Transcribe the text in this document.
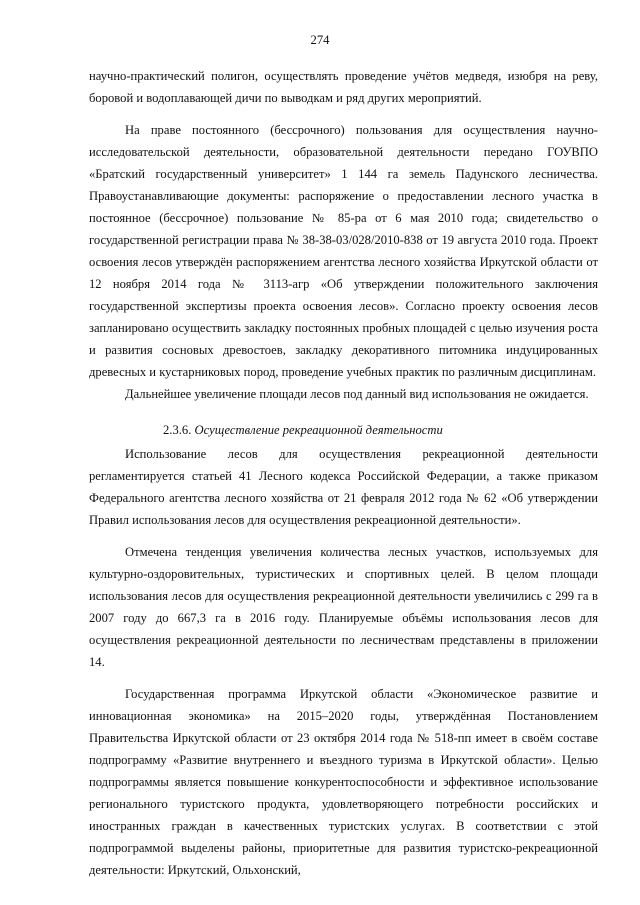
274

научно-практический полигон, осуществлять проведение учётов медведя, изюбря на реву, боровой и водоплавающей дичи по выводкам и ряд других мероприятий.

На праве постоянного (бессрочного) пользования для осуществления научно-исследовательской деятельности, образовательной деятельности передано ГОУВПО «Братский государственный университет» 1 144 га земель Падунского лесничества. Правоустанавливающие документы: распоряжение о предоставлении лесного участка в постоянное (бессрочное) пользование № 85-ра от 6 мая 2010 года; свидетельство о государственной регистрации права № 38-38-03/028/2010-838 от 19 августа 2010 года. Проект освоения лесов утверждён распоряжением агентства лесного хозяйства Иркутской области от 12 ноября 2014 года № 3113-агр «Об утверждении положительного заключения государственной экспертизы проекта освоения лесов». Согласно проекту освоения лесов запланировано осуществить закладку постоянных пробных площадей с целью изучения роста и развития сосновых древостоев, закладку декоративного питомника индуцированных древесных и кустарниковых пород, проведение учебных практик по различным дисциплинам.

Дальнейшее увеличение площади лесов под данный вид использования не ожидается.

2.3.6. Осуществление рекреационной деятельности

Использование лесов для осуществления рекреационной деятельности регламентируется статьей 41 Лесного кодекса Российской Федерации, а также приказом Федерального агентства лесного хозяйства от 21 февраля 2012 года № 62 «Об утверждении Правил использования лесов для осуществления рекреационной деятельности».

Отмечена тенденция увеличения количества лесных участков, используемых для культурно-оздоровительных, туристических и спортивных целей. В целом площади использования лесов для осуществления рекреационной деятельности увеличились с 299 га в 2007 году до 667,3 га в 2016 году. Планируемые объёмы использования лесов для осуществления рекреационной деятельности по лесничествам представлены в приложении 14.

Государственная программа Иркутской области «Экономическое развитие и инновационная экономика» на 2015–2020 годы, утверждённая Постановлением Правительства Иркутской области от 23 октября 2014 года № 518-пп имеет в своём составе подпрограмму «Развитие внутреннего и въездного туризма в Иркутской области». Целью подпрограммы является повышение конкурентоспособности и эффективное использование регионального туристского продукта, удовлетворяющего потребности российских и иностранных граждан в качественных туристских услугах. В соответствии с этой подпрограммой выделены районы, приоритетные для развития туристско-рекреационной деятельности: Иркутский, Ольхонский,
